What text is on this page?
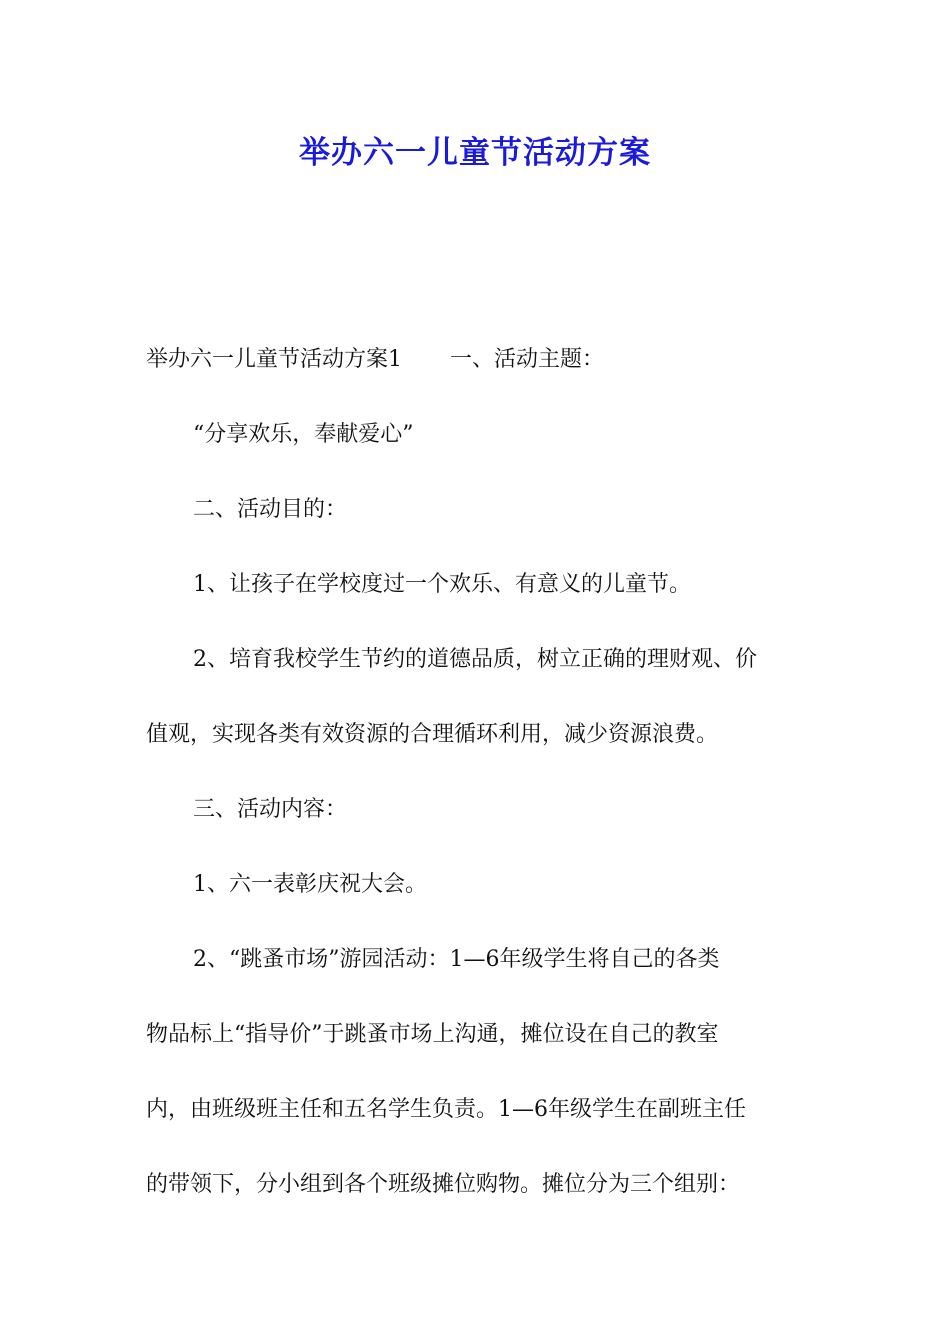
举办六一儿童节活动方案
举办六一儿童节活动方案1 一、活动主题：
“分享欢乐，奉献爱心”
二、活动目的：
1、让孩子在学校度过一个欢乐、有意义的儿童节。
2、培育我校学生节约的道德品质，树立正确的理财观、价
值观，实现各类有效资源的合理循环利用，减少资源浪费。
三、活动内容：
1、六一表彰庆祝大会。
2、“跳蚤市场”游园活动：1—6年级学生将自己的各类
物品标上“指导价”于跳蚤市场上沟通，摊位设在自己的教室
内，由班级班主任和五名学生负责。1—6年级学生在副班主任
的带领下，分小组到各个班级摊位购物。摊位分为三个组别：
